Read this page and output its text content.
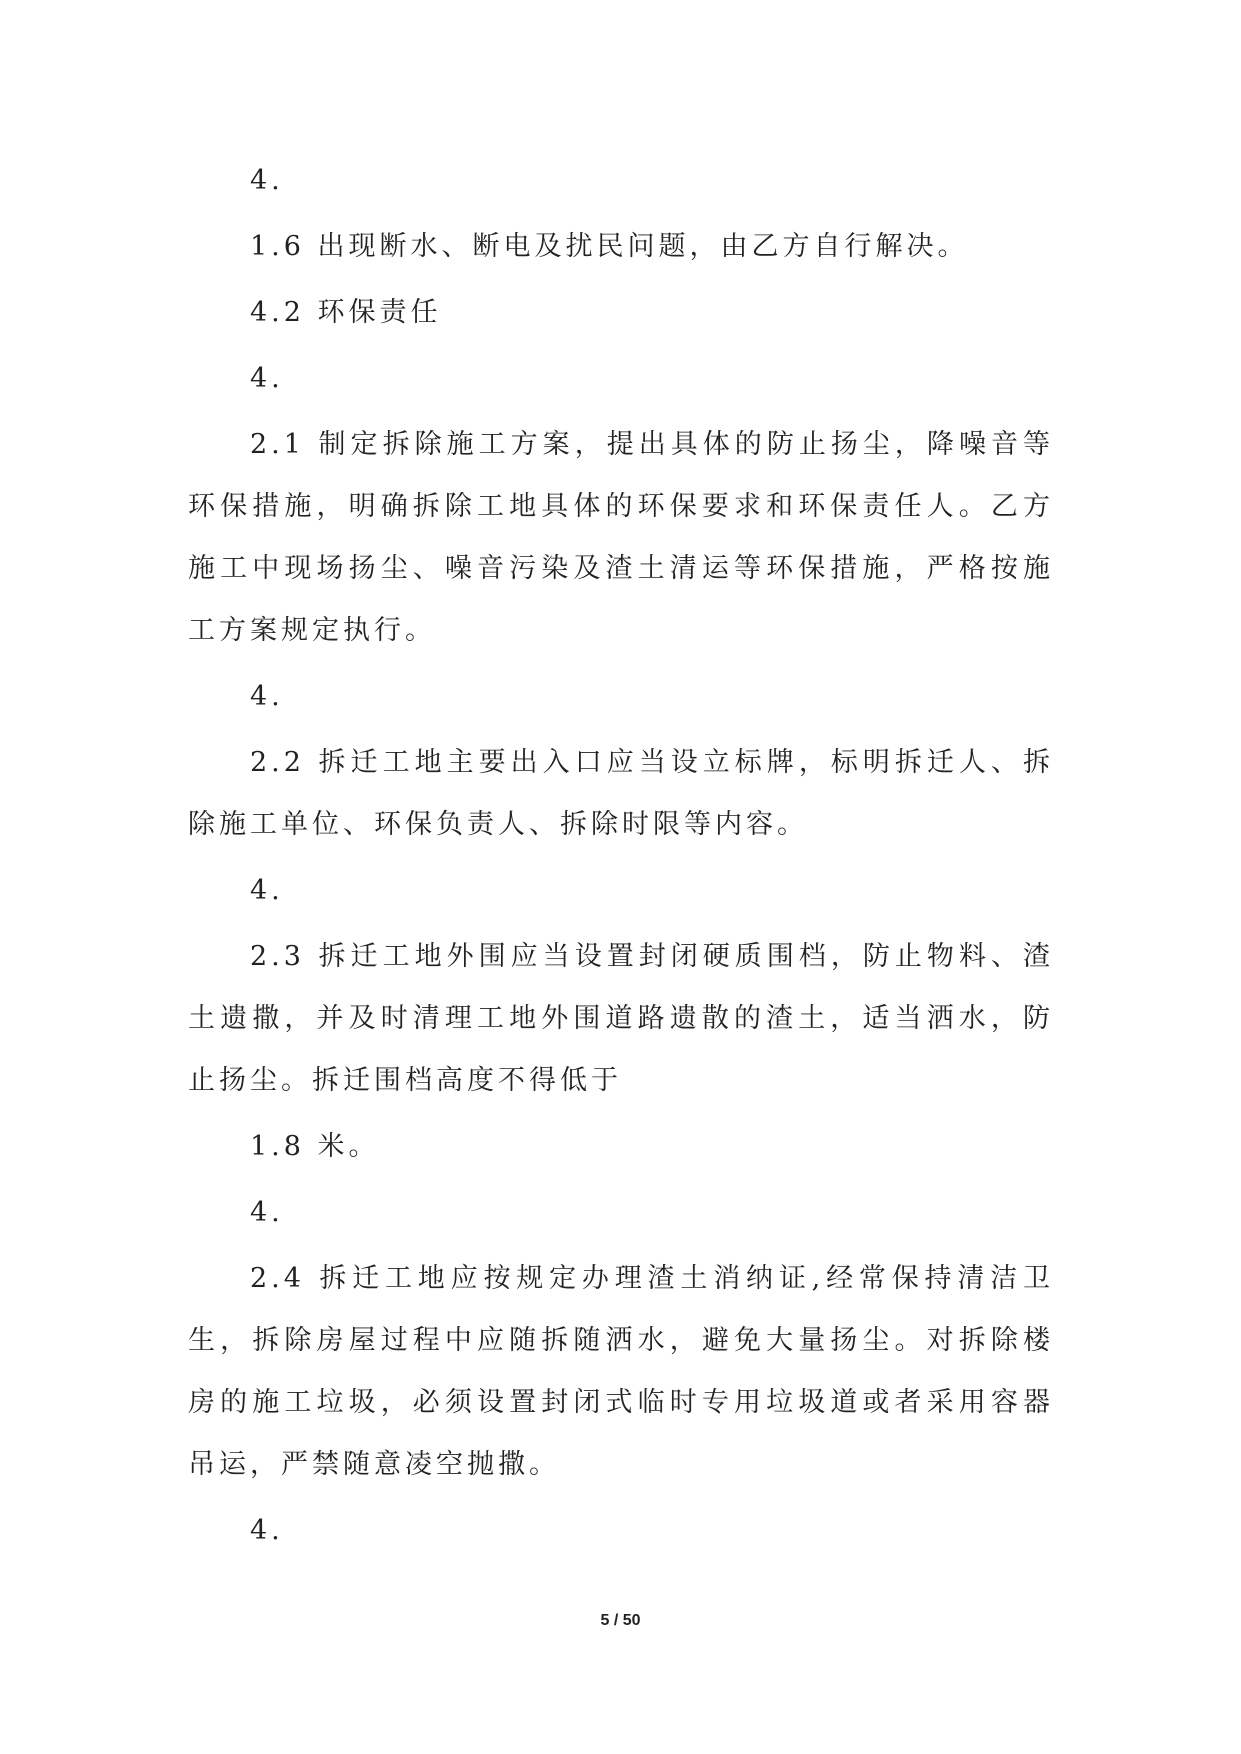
4.

1.6 出现断水、断电及扰民问题，由乙方自行解决。

4.2 环保责任

4.

2.1 制定拆除施工方案，提出具体的防止扬尘，降噪音等环保措施，明确拆除工地具体的环保要求和环保责任人。乙方施工中现场扬尘、噪音污染及渣土清运等环保措施，严格按施工方案规定执行。

4.

2.2 拆迁工地主要出入口应当设立标牌，标明拆迁人、拆除施工单位、环保负责人、拆除时限等内容。

4.

2.3 拆迁工地外围应当设置封闭硬质围档，防止物料、渣土遗撒，并及时清理工地外围道路遗散的渣土，适当洒水，防止扬尘。拆迁围档高度不得低于

1.8 米。

4.

2.4 拆迁工地应按规定办理渣土消纳证,经常保持清洁卫生，拆除房屋过程中应随拆随洒水，避免大量扬尘。对拆除楼房的施工垃圾，必须设置封闭式临时专用垃圾道或者采用容器吊运，严禁随意凌空抛撒。

4.

5 / 50
